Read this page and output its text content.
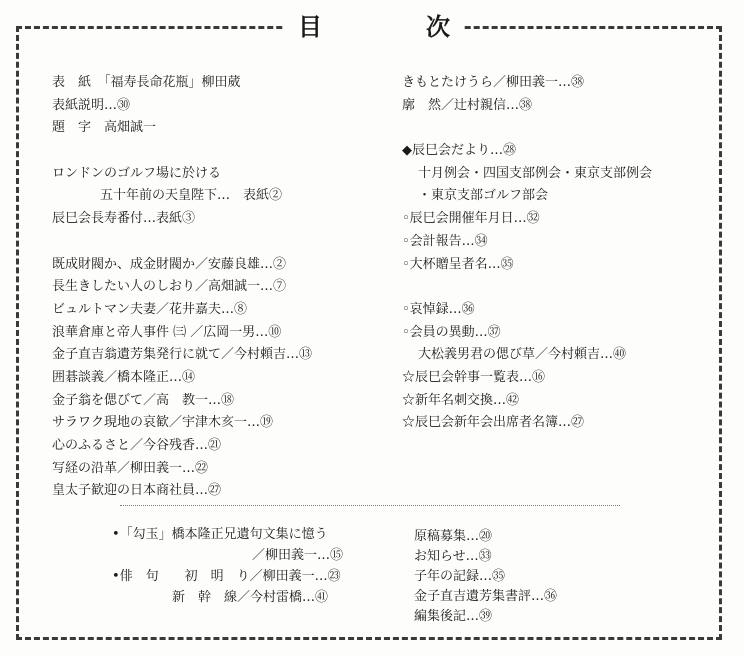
目	次
表　紙　「福寿長命花瓶」柳田葳
表紙説明…㉚
題　字　高畑誠一
ロンドンのゴルフ場に於ける
五十年前の天皇陛下…　表紙②
辰巳会長寿番付…表紙③
既成財閥か、成金財閥か／安藤良雄…②
長生きしたい人のしおり／高畑誠一…⑦
ビュルトマン夫妻／花井嘉夫…⑧
浪華倉庫と帝人事件 ㈢ ／広岡一男…⑩
金子直吉翁遺芳集発行に就て／今村頼吉…⑬
囲碁談義／橋本隆正…⑭
金子翁を偲びて／高　教一…⑱
サラワク現地の哀歓／宇津木亥一…⑲
心のふるさと／今谷残香…㉑
写経の沿革／柳田義一…㉒
皇太子歓迎の日本商社員…㉗
きもとたけうら／柳田義一…㊳
廓　然／辻村親信…㊳
◆辰巳会だより…㉘
十月例会・四国支部例会・東京支部例会
・東京支部ゴルフ部会
◦辰巳会開催年月日…㉜
◦会計報告…㉞
◦大杯贈呈者名…㉟
◦哀悼録…㊱
◦会員の異動…㊲
大松義男君の偲び草／今村頼吉…㊵
☆辰巳会幹事一覧表…⑯
☆新年名刺交換…㊷
☆辰巳会新年会出席者名簿…㉗
•「勾玉」橋本隆正兄遺句文集に憶う
／柳田義一…⑮
•俳　句　　初　明　り／柳田義一…㉓
新　幹　線／今村雷橋…㊶
原稿募集…⑳
お知らせ…㉝
子年の記録…㉟
金子直吉遺芳集書評…㊱
編集後記…㊴
